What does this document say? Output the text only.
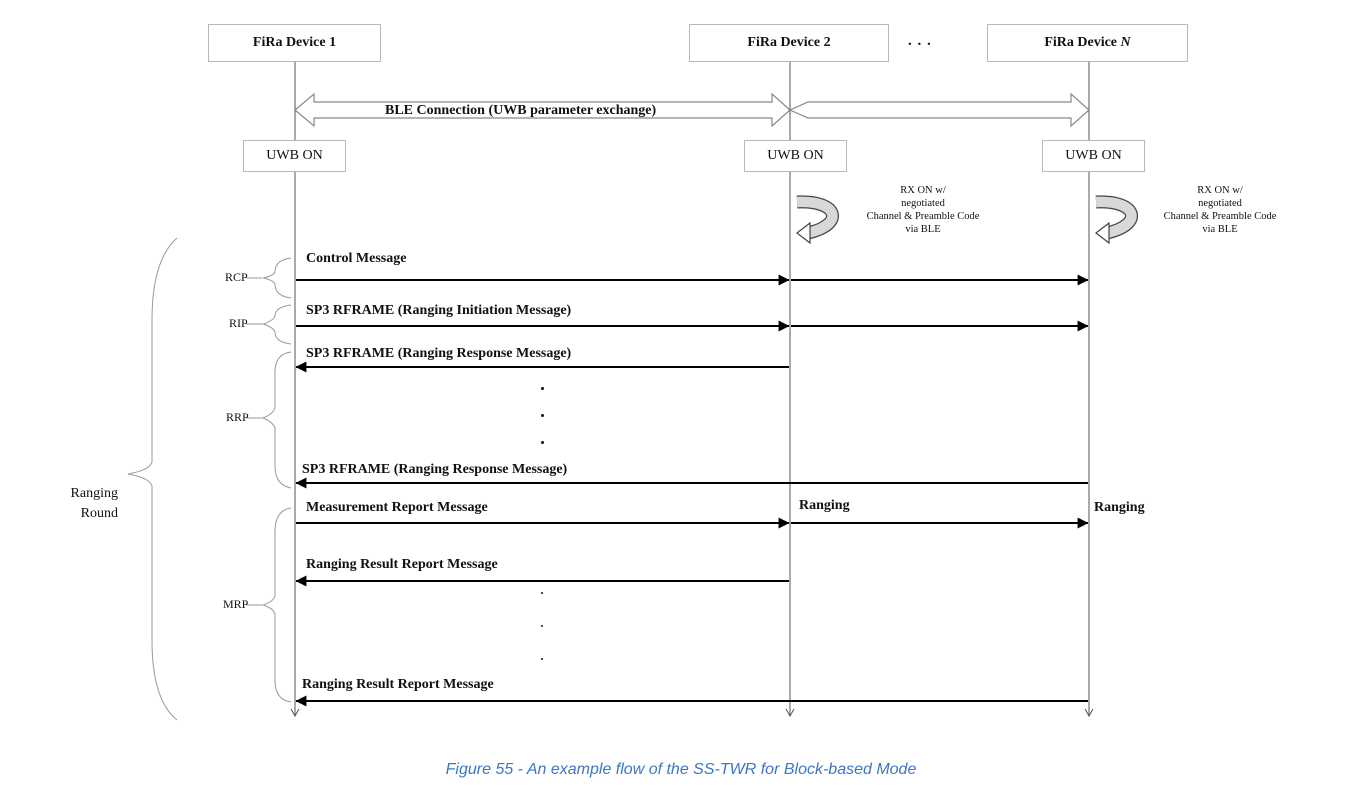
FiRa Device 1	FiRa Device 2	. . .	FiRa Device N
BLE Connection (UWB parameter exchange)
UWB ON	UWB ON	UWB ON
RX ON w/
negotiated
Channel & Preamble Code
via BLE
RX ON w/
negotiated
Channel & Preamble Code
via BLE
RCP
RIP
RRP
MRP
Ranging
Round
Control Message
SP3 RFRAME (Ranging Initiation Message)
SP3 RFRAME (Ranging Response Message)
SP3 RFRAME (Ranging Response Message)
Measurement Report Message	Ranging	Ranging
Ranging Result Report Message
Ranging Result Report Message
Figure 55 - An example flow of the SS-TWR for Block-based Mode
